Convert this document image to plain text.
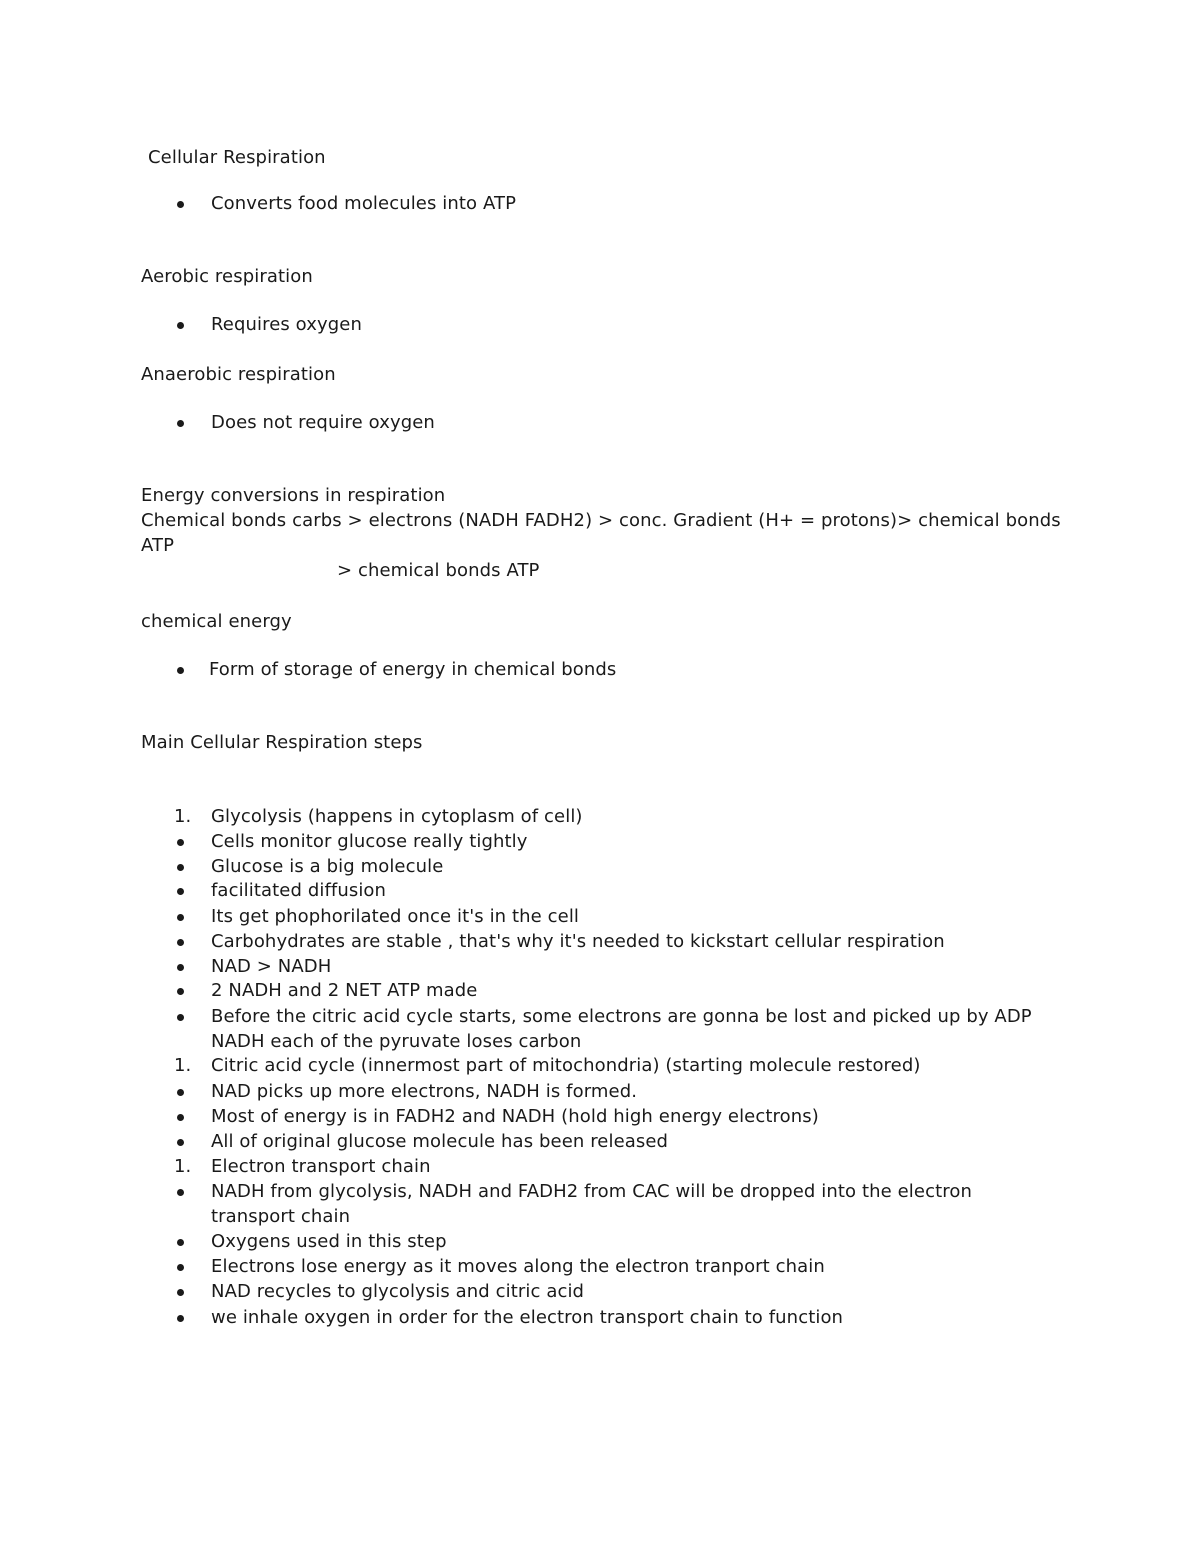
Cellular Respiration
Converts food molecules into ATP
Aerobic respiration
Requires oxygen
Anaerobic respiration
Does not require oxygen
Energy conversions in respiration
Chemical bonds carbs > electrons (NADH FADH2) > conc. Gradient (H+ = protons)> chemical bonds
ATP
> chemical bonds ATP
chemical energy
Form of storage of energy in chemical bonds
Main Cellular Respiration steps
1. Glycolysis (happens in cytoplasm of cell)
Cells monitor glucose really tightly
Glucose is a big molecule
facilitated diffusion
Its get phophorilated once it's in the cell
Carbohydrates are stable , that's why it's needed to kickstart cellular respiration
NAD > NADH
2 NADH and 2 NET ATP made
Before the citric acid cycle starts, some electrons are gonna be lost and picked up by ADP
NADH each of the pyruvate loses carbon
1. Citric acid cycle (innermost part of mitochondria) (starting molecule restored)
NAD picks up more electrons, NADH is formed.
Most of energy is in FADH2 and NADH (hold high energy electrons)
All of original glucose molecule has been released
1. Electron transport chain
NADH from glycolysis, NADH and FADH2 from CAC will be dropped into the electron
transport chain
Oxygens used in this step
Electrons lose energy as it moves along the electron tranport chain
NAD recycles to glycolysis and citric acid
we inhale oxygen in order for the electron transport chain to function
